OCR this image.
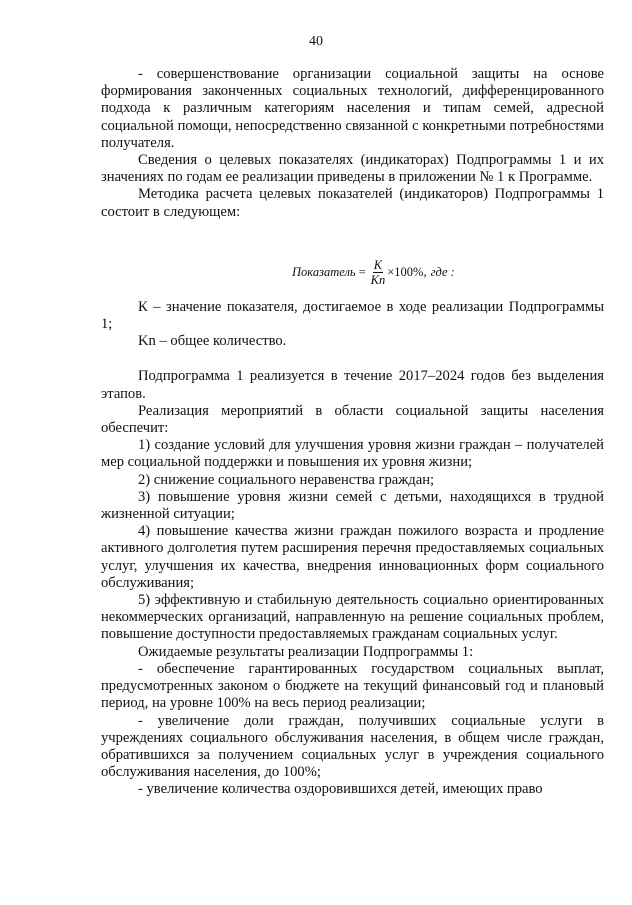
40

- совершенствование организации социальной защиты на основе формирования законченных социальных технологий, дифференцированного подхода к различным категориям населения и типам семей, адресной социальной помощи, непосредственно связанной с конкретными потребностями получателя.

Сведения о целевых показателях (индикаторах) Подпрограммы 1 и их значениях по годам ее реализации приведены в приложении № 1 к Программе.

Методика расчета целевых показателей (индикаторов) Подпрограммы 1 состоит в следующем:

К – значение показателя, достигаемое в ходе реализации Подпрограммы 1;

Kn – общее количество.

Подпрограмма 1 реализуется в течение 2017–2024 годов без выделения этапов.

Реализация мероприятий в области социальной защиты населения обеспечит:

1) создание условий для улучшения уровня жизни граждан – получателей мер социальной поддержки и повышения их уровня жизни;

2) снижение социального неравенства граждан;

3) повышение уровня жизни семей с детьми, находящихся в трудной жизненной ситуации;

4) повышение качества жизни граждан пожилого возраста и продление активного долголетия путем расширения перечня предоставляемых социальных услуг, улучшения их качества, внедрения инновационных форм социального обслуживания;

5) эффективную и стабильную деятельность социально ориентированных некоммерческих организаций, направленную на решение социальных проблем, повышение доступности предоставляемых гражданам социальных услуг.

Ожидаемые результаты реализации Подпрограммы 1:

- обеспечение гарантированных государством социальных выплат, предусмотренных законом о бюджете на текущий финансовый год и плановый период, на уровне 100% на весь период реализации;

- увеличение доли граждан, получивших социальные услуги в учреждениях социального обслуживания населения, в общем числе граждан, обратившихся за получением социальных услуг в учреждения социального обслуживания населения, до 100%;

- увеличение количества оздоровившихся детей, имеющих право

Показатель = $\frac{K}{Kn} \times 100\%$, где :
